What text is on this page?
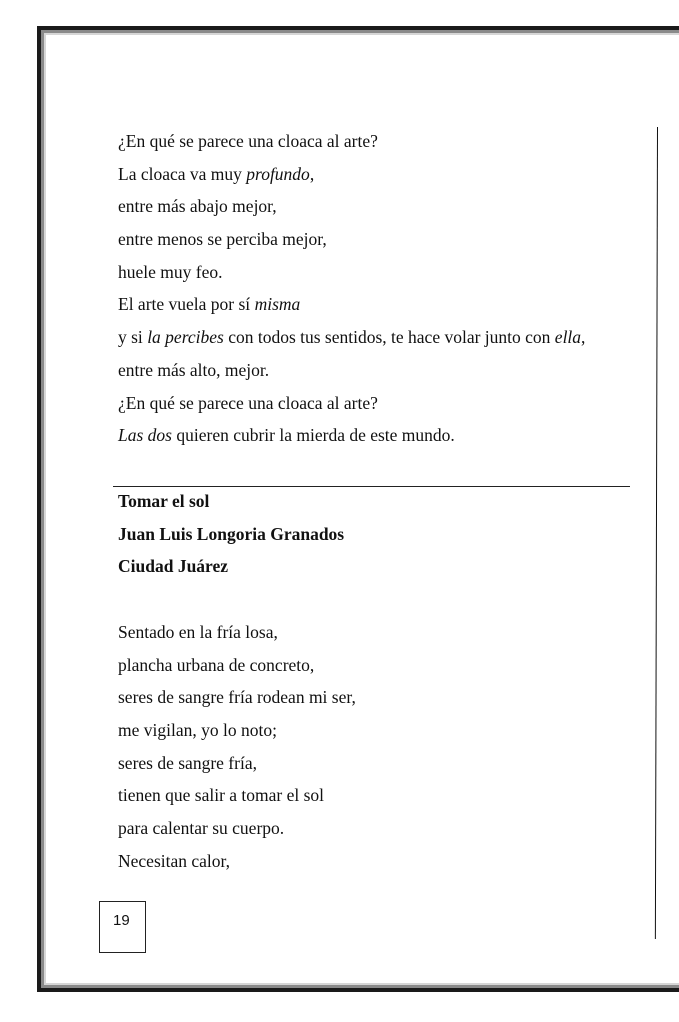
¿En qué se parece una cloaca al arte?
La cloaca va muy profundo,
entre más abajo mejor,
entre menos se perciba mejor,
huele muy feo.
El arte vuela por sí misma
y si la percibes con todos tus sentidos, te hace volar junto con ella,
entre más alto, mejor.
¿En qué se parece una cloaca al arte?
Las dos quieren cubrir la mierda de este mundo.
Tomar el sol
Juan Luis Longoria Granados
Ciudad Juárez
Sentado en la fría losa,
plancha urbana de concreto,
seres de sangre fría rodean mi ser,
me vigilan, yo lo noto;
seres de sangre fría,
tienen que salir a tomar el sol
para calentar su cuerpo.
Necesitan calor,
19
